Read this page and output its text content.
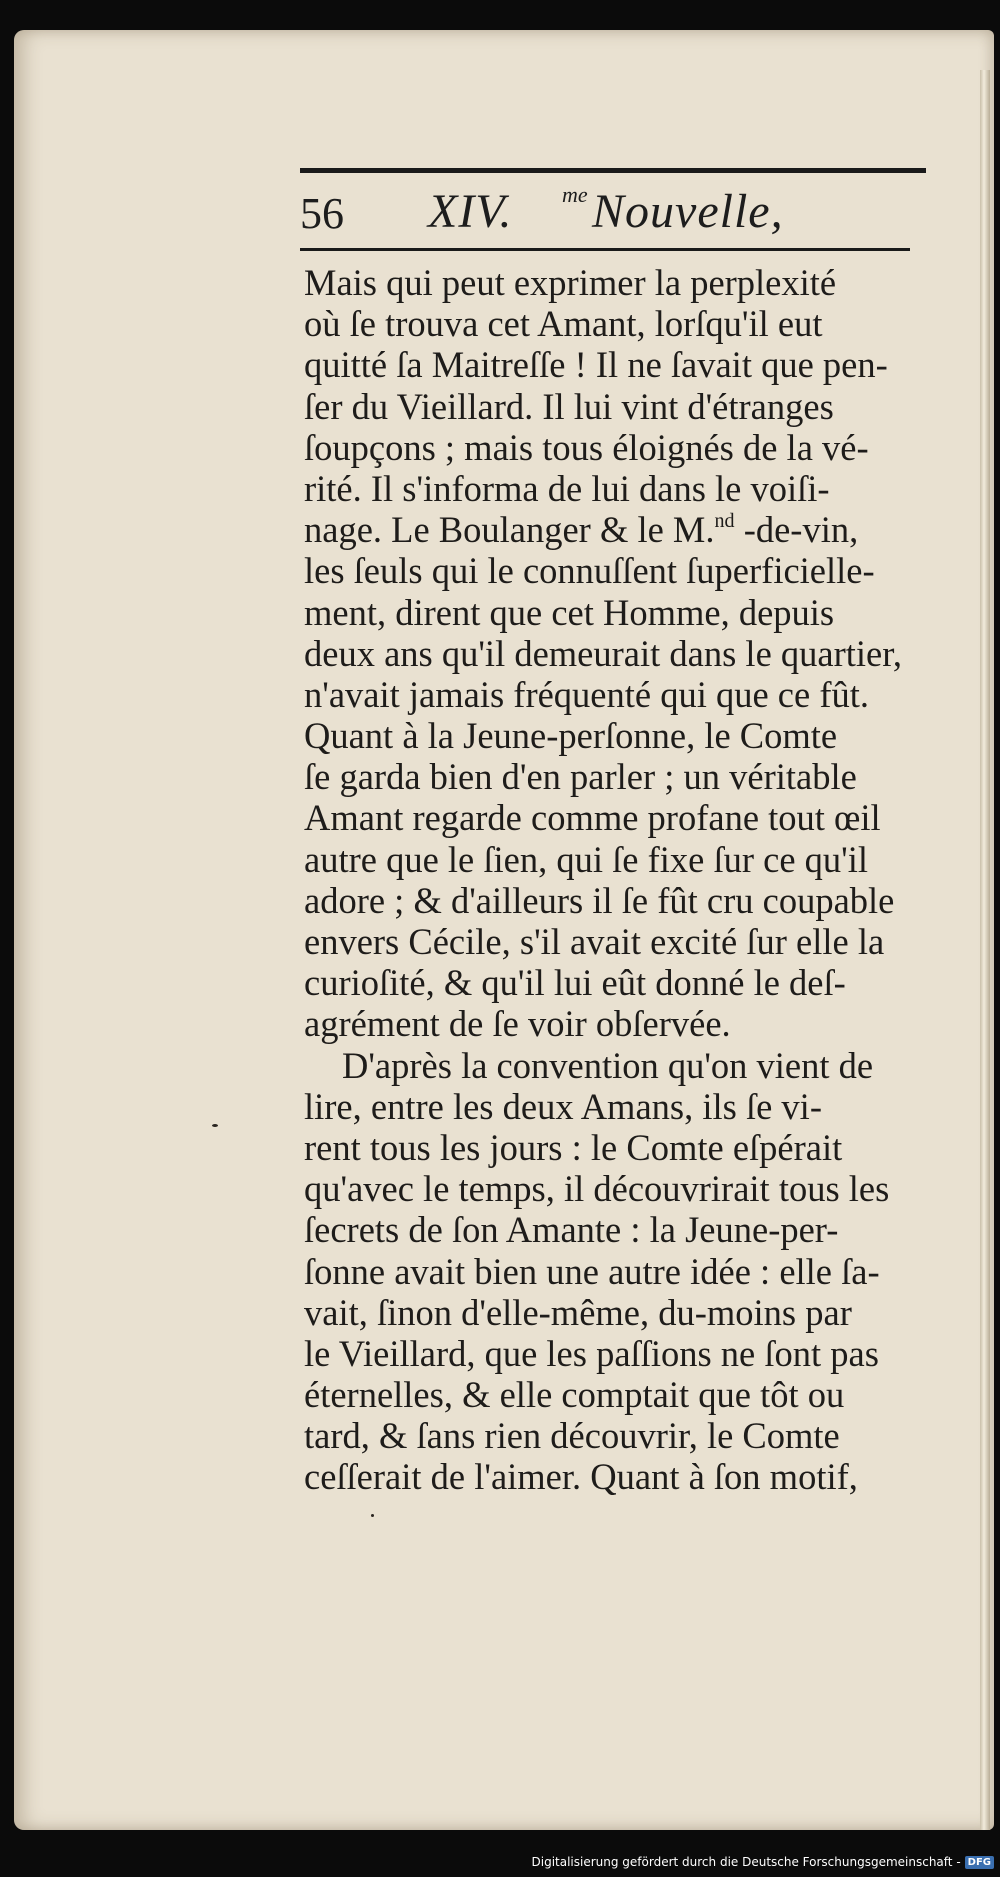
56 XIV. me Nouvelle,
Mais qui peut exprimer la perplexité
où ſe trouva cet Amant, lorſqu'il eut
quitté ſa Maitreſſe ! Il ne ſavait que pen-
ſer du Vieillard. Il lui vint d'étranges
ſoupçons ; mais tous éloignés de la vé-
rité. Il s'informa de lui dans le voiſi-
nage. Le Boulanger & le M.$^{nd}$ -de-vin,
les ſeuls qui le connuſſent ſuperficielle-
ment, dirent que cet Homme, depuis
deux ans qu'il demeurait dans le quartier,
n'avait jamais fréquenté qui que ce fût.
Quant à la Jeune-perſonne, le Comte
ſe garda bien d'en parler ; un véritable
Amant regarde comme profane tout œil
autre que le ſien, qui ſe fixe ſur ce qu'il
adore ; & d'ailleurs il ſe fût cru coupable
envers Cécile, s'il avait excité ſur elle la
curioſité, & qu'il lui eût donné le deſ-
agrément de ſe voir obſervée.
D'après la convention qu'on vient de
lire, entre les deux Amans, ils ſe vi-
rent tous les jours : le Comte eſpérait
qu'avec le temps, il découvrirait tous les
ſecrets de ſon Amante : la Jeune-per-
ſonne avait bien une autre idée : elle ſa-
vait, ſinon d'elle-même, du-moins par
le Vieillard, que les paſſions ne ſont pas
éternelles, & elle comptait que tôt ou
tard, & ſans rien découvrir, le Comte
ceſſerait de l'aimer. Quant à ſon motif,
Digitalisierung gefördert durch die Deutsche Forschungsgemeinschaft - DFG
